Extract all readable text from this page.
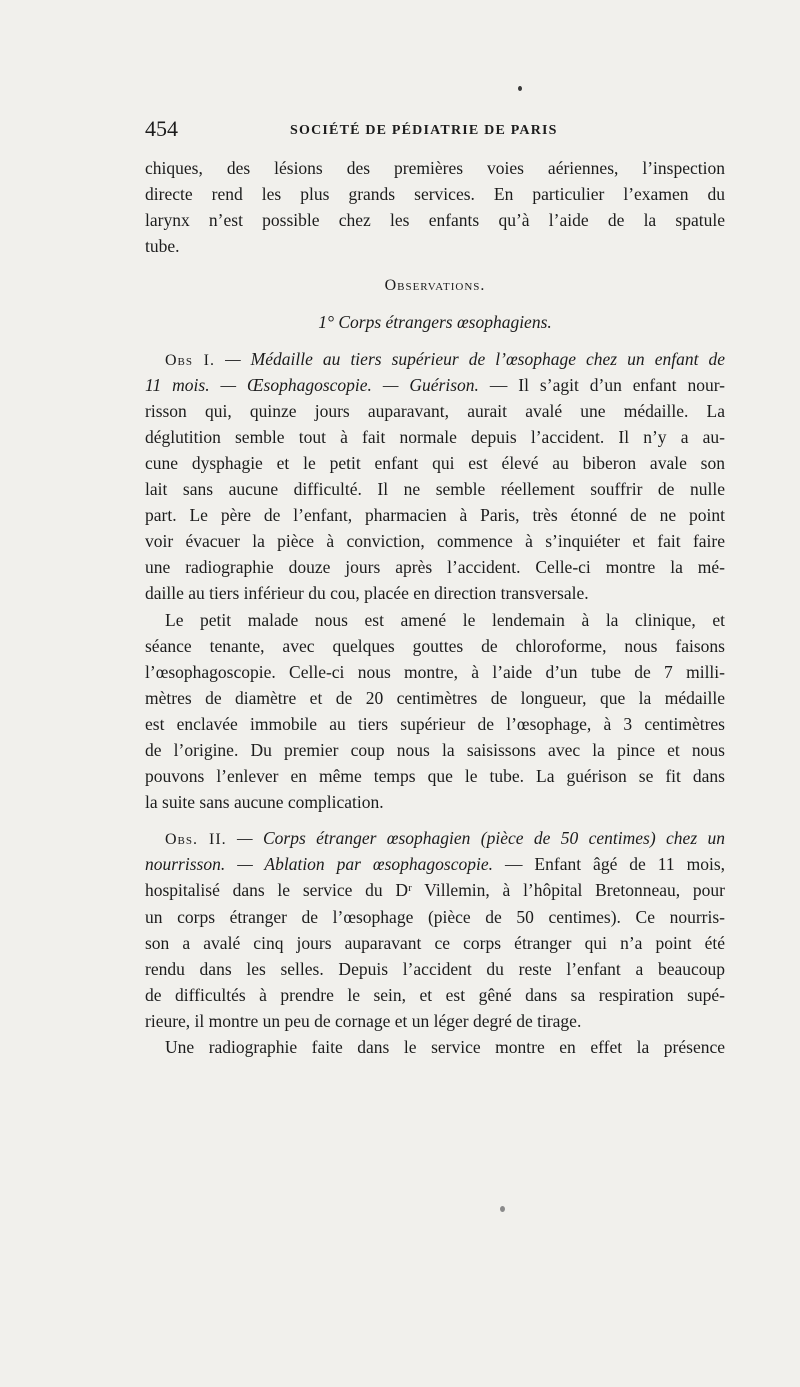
454	SOCIÉTÉ DE PÉDIATRIE DE PARIS
chiques, des lésions des premières voies aériennes, l’inspection
directe rend les plus grands services. En particulier l’examen du
larynx n’est possible chez les enfants qu’à l’aide de la spatule
tube.
Observations.
1° Corps étrangers œsophagiens.
Obs I. — Médaille au tiers supérieur de l’œsophage chez un enfant de
11 mois. — Œsophagoscopie. — Guérison. — Il s’agit d’un enfant nour-
risson qui, quinze jours auparavant, aurait avalé une médaille. La
déglutition semble tout à fait normale depuis l’accident. Il n’y a au-
cune dysphagie et le petit enfant qui est élevé au biberon avale son
lait sans aucune difficulté. Il ne semble réellement souffrir de nulle
part. Le père de l’enfant, pharmacien à Paris, très étonné de ne point
voir évacuer la pièce à conviction, commence à s’inquiéter et fait faire
une radiographie douze jours après l’accident. Celle-ci montre la mé-
daille au tiers inférieur du cou, placée en direction transversale.
Le petit malade nous est amené le lendemain à la clinique, et
séance tenante, avec quelques gouttes de chloroforme, nous faisons
l’œsophagoscopie. Celle-ci nous montre, à l’aide d’un tube de 7 milli-
mètres de diamètre et de 20 centimètres de longueur, que la médaille
est enclavée immobile au tiers supérieur de l’œsophage, à 3 centimètres
de l’origine. Du premier coup nous la saisissons avec la pince et nous
pouvons l’enlever en même temps que le tube. La guérison se fit dans
la suite sans aucune complication.
Obs. II. — Corps étranger œsophagien (pièce de 50 centimes) chez un
nourrisson. — Ablation par œsophagoscopie. — Enfant âgé de 11 mois,
hospitalisé dans le service du Dʳ Villemin, à l’hôpital Bretonneau, pour
un corps étranger de l’œsophage (pièce de 50 centimes). Ce nourris-
son a avalé cinq jours auparavant ce corps étranger qui n’a point été
rendu dans les selles. Depuis l’accident du reste l’enfant a beaucoup
de difficultés à prendre le sein, et est gêné dans sa respiration supé-
rieure, il montre un peu de cornage et un léger degré de tirage.
Une radiographie faite dans le service montre en effet la présence
